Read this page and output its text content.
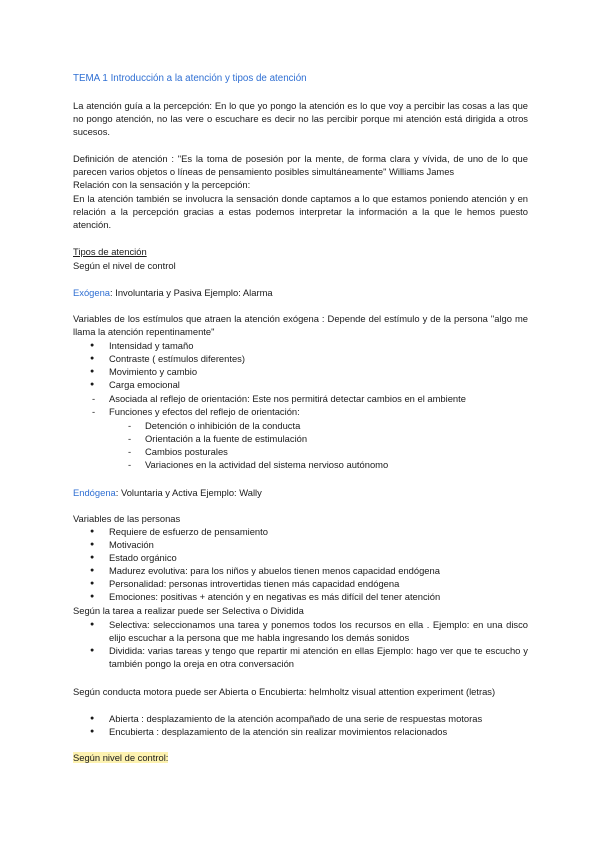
TEMA 1 Introducción a la atención y tipos de atención
La atención guía a la percepción: En lo que yo pongo la atención es lo que voy a percibir las cosas a las que no pongo atención, no las vere o escuchare es decir no las percibir porque mi atención está dirigida a otros sucesos.
Definición de atención : "Es la toma de posesión por la mente, de forma clara y vívida, de uno de lo que parecen varios objetos o líneas de pensamiento posibles simultáneamente" Williams James
Relación con la sensación y la percepción:
En la atención también se involucra la sensación donde captamos a lo que estamos poniendo atención y en relación a la percepción gracias a estas podemos interpretar la información a la que le hemos puesto atención.
Tipos de atención
Según el nivel de control
Exógena: Involuntaria y Pasiva Ejemplo: Alarma
Variables de los estímulos que atraen la atención exógena : Depende del estímulo y de la persona "algo me llama la atención repentinamente"
● Intensidad y tamaño
● Contraste ( estímulos diferentes)
● Movimiento y cambio
● Carga emocional
- Asociada al reflejo de orientación: Este nos permitirá detectar cambios en el ambiente
- Funciones y efectos del reflejo de orientación:
- Detención o inhibición de la conducta
- Orientación a la fuente de estimulación
- Cambios posturales
- Variaciones en la actividad del sistema nervioso autónomo
Endógena: Voluntaria y Activa Ejemplo: Wally
Variables de las personas
● Requiere de esfuerzo de pensamiento
● Motivación
● Estado orgánico
● Madurez evolutiva: para los niños y abuelos tienen menos capacidad endógena
● Personalidad: personas introvertidas tienen más capacidad endógena
● Emociones: positivas + atención y en negativas es más difícil del tener atención
Según la tarea a realizar puede ser Selectiva o Dividida
● Selectiva: seleccionamos una tarea y ponemos todos los recursos en ella . Ejemplo: en una disco elijo escuchar a la persona que me habla ingresando los demás sonidos
● Dividida: varias tareas y tengo que repartir mi atención en ellas Ejemplo: hago ver que te escucho y también pongo la oreja en otra conversación
Según conducta motora puede ser Abierta o Encubierta: helmholtz visual attention experiment (letras)
● Abierta : desplazamiento de la atención acompañado de una serie de respuestas motoras
● Encubierta : desplazamiento de la atención sin realizar movimientos relacionados
Según nivel de control:
